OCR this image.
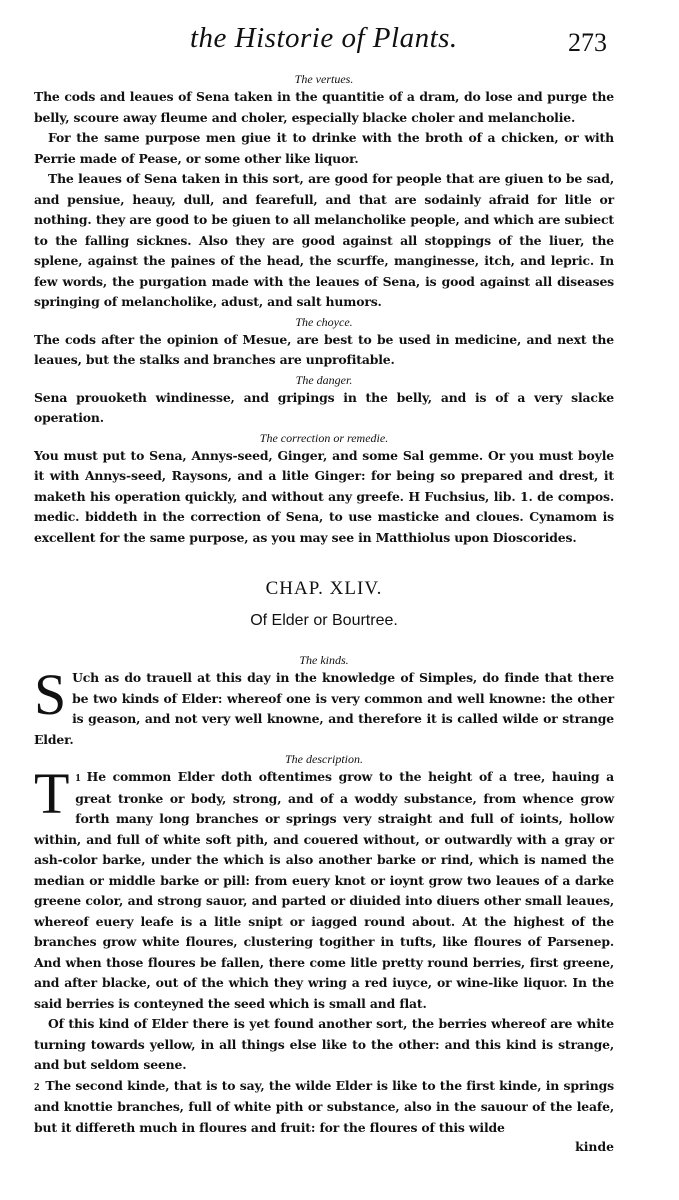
the Historie of Plants.	273
The vertues.

The cods and leaues of Sena taken in the quantitie of a dram, do lose and purge the belly, scoure away fleume and choler, especially blacke choler and melancholie.

For the same purpose men giue it to drinke with the broth of a chicken, or with Perrie made of Pease, or some other like liquor.

The leaues of Sena taken in this sort, are good for people that are giuen to be sad, and pensiue, heauy, dull, and fearefull, and that are sodainly afraid for litle or nothing. they are good to be giuen to all melancholike people, and which are subiect to the falling sicknes. Also they are good against all stoppings of the liuer, the splene, against the paines of the head, the scurffe, manginesse, itch, and lepric. In few words, the purgation made with the leaues of Sena, is good against all diseases springing of melancholike, adust, and salt humors.

The choyce.

The cods after the opinion of Mesue, are best to be used in medicine, and next the leaues, but the stalks and branches are unprofitable.

The danger.

Sena prouoketh windinesse, and gripings in the belly, and is of a very slacke operation.

The correction or remedie.

You must put to Sena, Annys-seed, Ginger, and some Sal gemme. Or you must boyle it with Annys-seed, Raysons, and a litle Ginger: for being so prepared and drest, it maketh his operation quickly, and without any greefe. H Fuchsius, lib. 1. de compos. medic. biddeth in the correction of Sena, to use masticke and cloues. Cynamom is excellent for the same purpose, as you may see in Matthiolus upon Dioscorides.

CHAP. XLIV.
Of Elder or Bourtree.
The kinds.

S Uch as do trauell at this day in the knowledge of Simples, do finde that there be two kinds of Elder: whereof one is very common and well knowne: the other is geason, and not very well knowne, and therefore it is called wilde or strange Elder.

The description.

1
T He common Elder doth oftentimes grow to the height of a tree, hauing a great tronke or body, strong, and of a woddy substance, from whence grow forth many long branches or springs very straight and full of ioints, hollow within, and full of white soft pith, and couered without, or outwardly with a gray or ash-color barke, under the which is also another barke or rind, which is named the median or middle barke or pill: from euery knot or ioynt grow two leaues of a darke greene color, and strong sauor, and parted or diuided into diuers other small leaues, whereof euery leafe is a litle snipt or iagged round about. At the highest of the branches grow white floures, clustering togither in tufts, like floures of Parsenep. And when those floures be fallen, there come litle pretty round berries, first greene, and after blacke, out of the which they wring a red iuyce, or wine-like liquor. In the said berries is conteyned the seed which is small and flat.

Of this kind of Elder there is yet found another sort, the berries whereof are white turning towards yellow, in all things else like to the other: and this kind is strange, and but seldom seene.

2 The second kinde, that is to say, the wilde Elder is like to the first kinde, in springs and knottie branches, full of white pith or substance, also in the sauour of the leafe, but it differeth much in floures and fruit: for the floures of this wilde

kinde
